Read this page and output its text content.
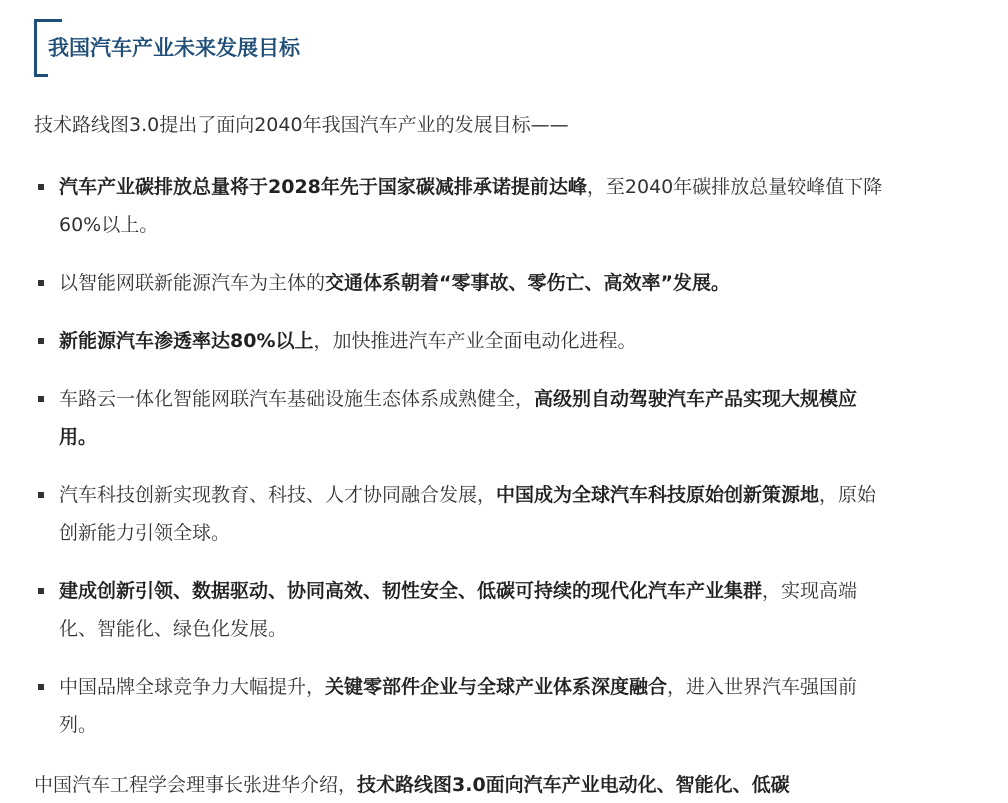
我国汽车产业未来发展目标

技术路线图3.0提出了面向2040年我国汽车产业的发展目标——

汽车产业碳排放总量将于2028年先于国家碳减排承诺提前达峰，至2040年碳排放总量较峰值下降60%以上。
以智能网联新能源汽车为主体的交通体系朝着“零事故、零伤亡、高效率”发展。
新能源汽车渗透率达80%以上，加快推进汽车产业全面电动化进程。
车路云一体化智能网联汽车基础设施生态体系成熟健全，高级别自动驾驶汽车产品实现大规模应用。
汽车科技创新实现教育、科技、人才协同融合发展，中国成为全球汽车科技原始创新策源地，原始创新能力引领全球。
建成创新引领、数据驱动、协同高效、韧性安全、低碳可持续的现代化汽车产业集群，实现高端化、智能化、绿色化发展。
中国品牌全球竞争力大幅提升，关键零部件企业与全球产业体系深度融合，进入世界汽车强国前列。

中国汽车工程学会理事长张进华介绍，技术路线图3.0面向汽车产业电动化、智能化、低碳
